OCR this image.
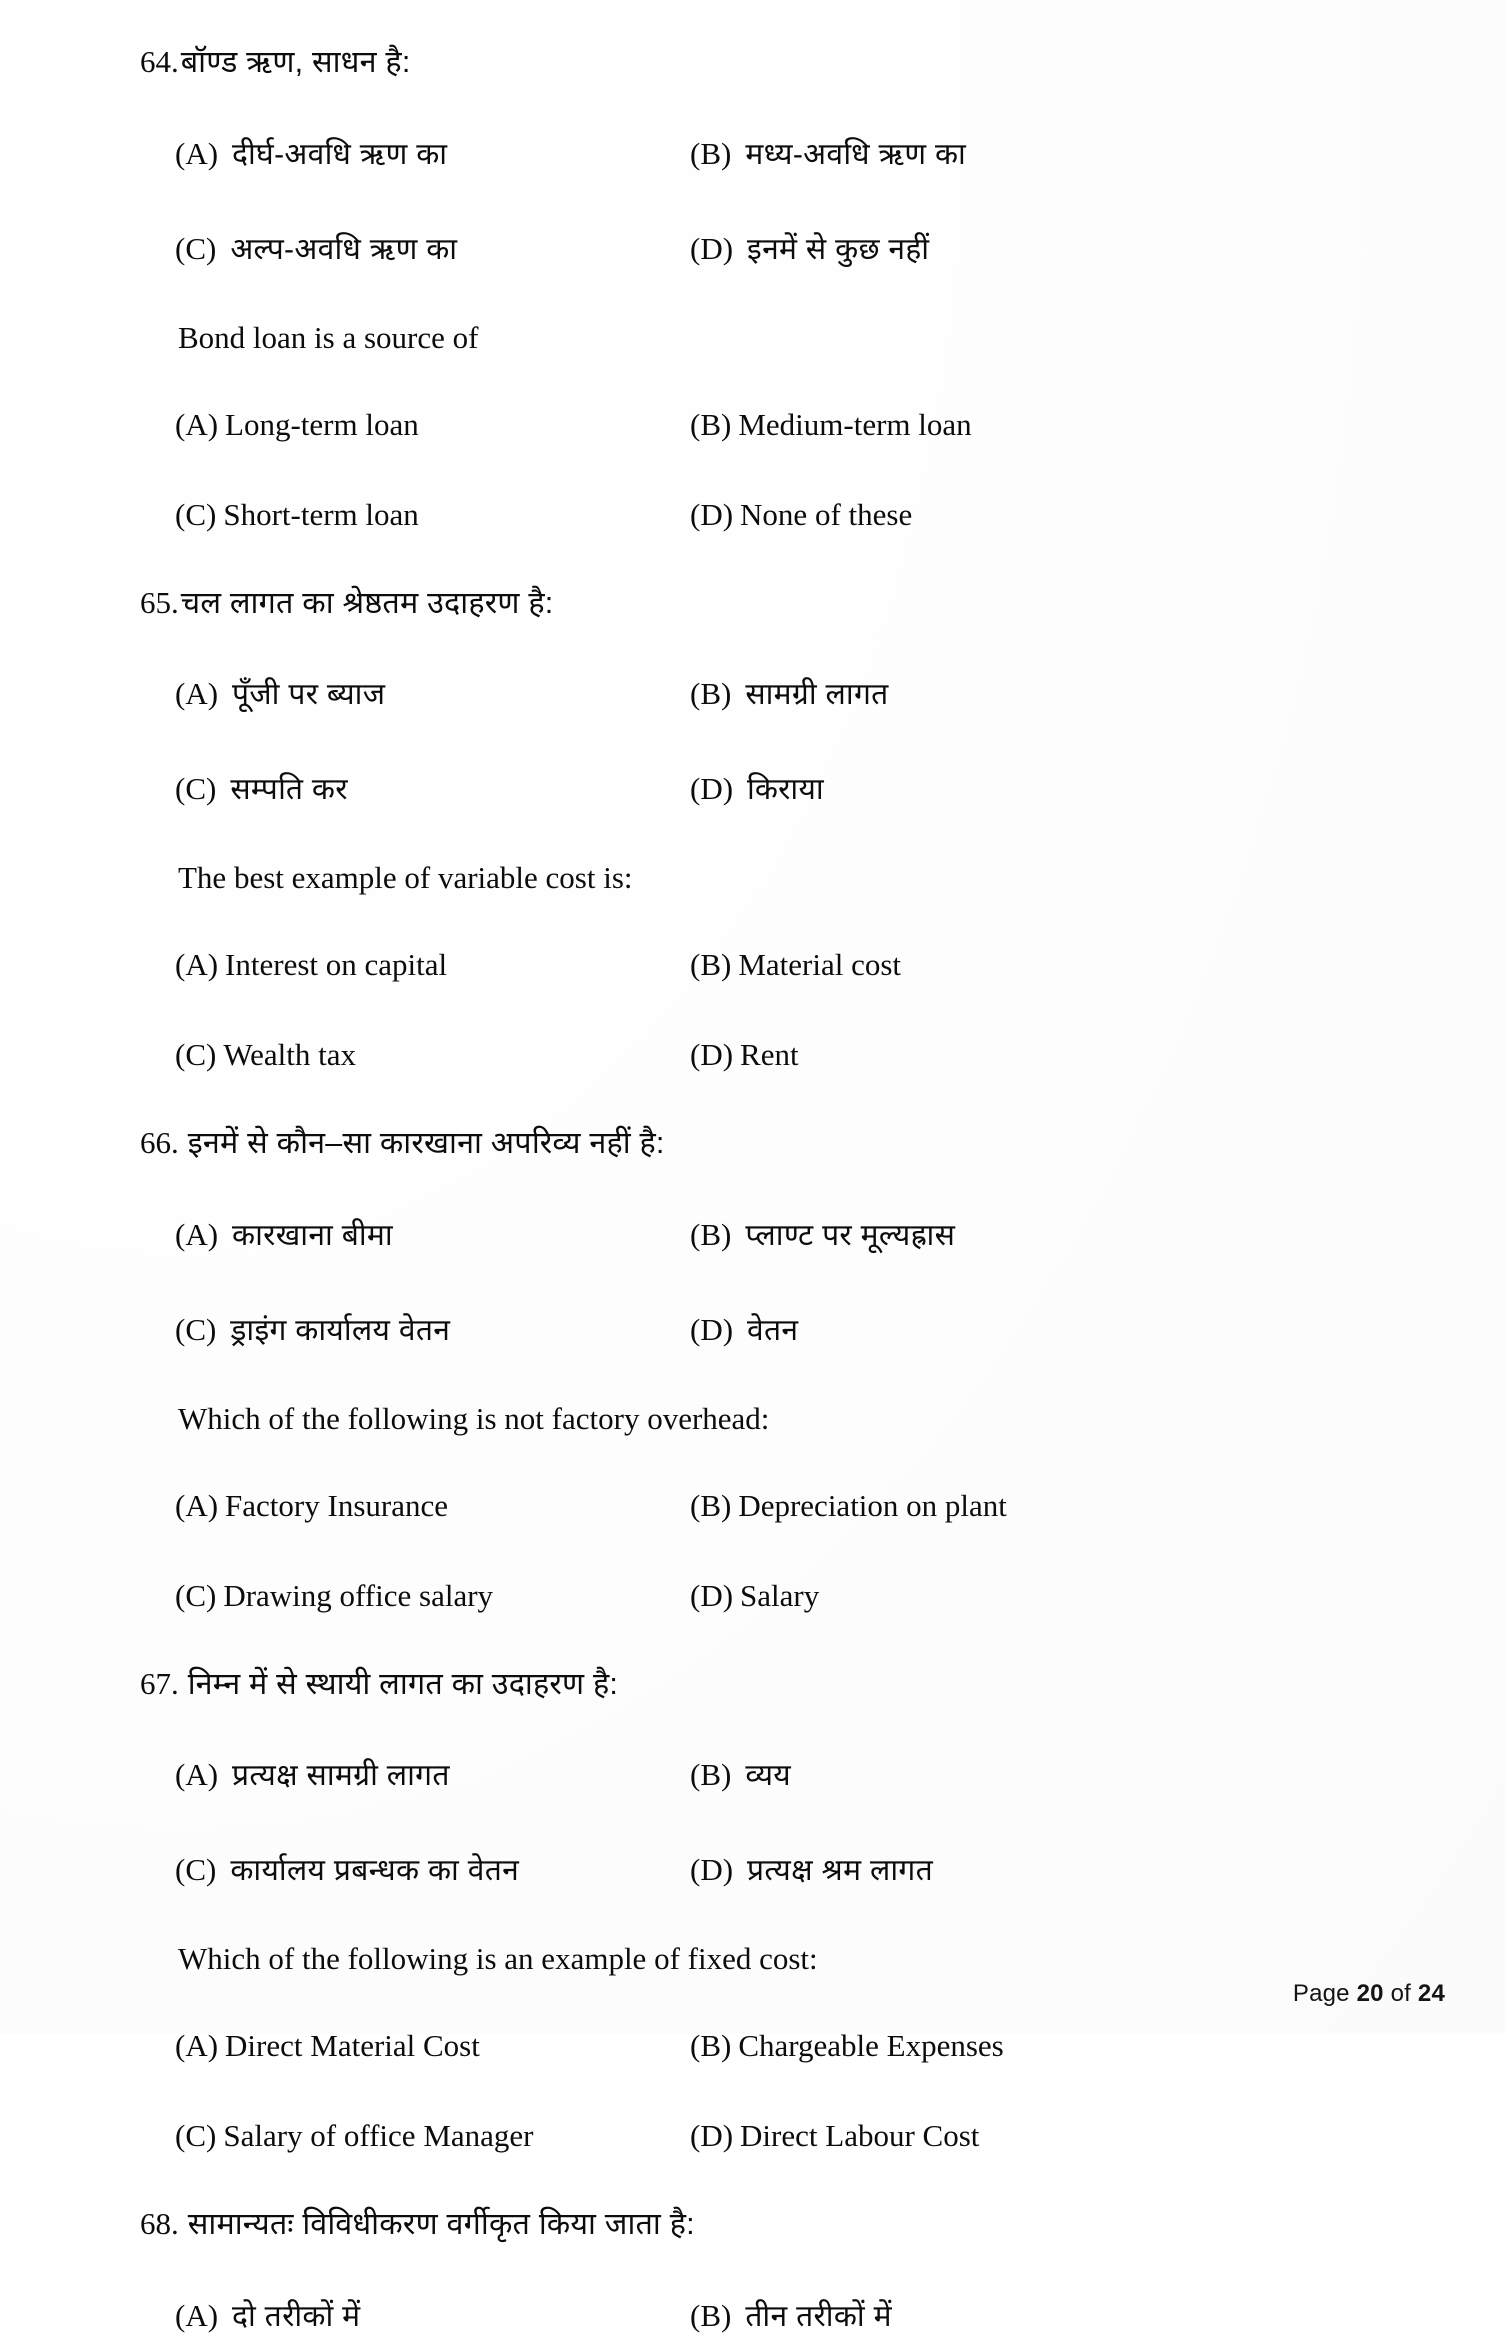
64.बॉण्ड ऋण, साधन है:
(A) दीर्घ-अवधि ऋण का	(B) मध्य-अवधि ऋण का
(C) अल्प-अवधि ऋण का	(D) इनमें से कुछ नहीं
Bond loan is a source of
(A) Long-term loan	(B) Medium-term loan
(C) Short-term loan	(D) None of these
65.चल लागत का श्रेष्ठतम उदाहरण है:
(A) पूँजी पर ब्याज	(B) सामग्री लागत
(C) सम्पति कर	(D) किराया
The best example of variable cost is:
(A) Interest on capital	(B) Material cost
(C) Wealth tax	(D) Rent
66. इनमें से कौन–सा कारखाना अपरिव्य नहीं है:
(A) कारखाना बीमा	(B) प्लाण्ट पर मूल्यह्रास
(C) ड्राइंग कार्यालय वेतन	(D) वेतन
Which of the following is not factory overhead:
(A) Factory Insurance	(B) Depreciation on plant
(C) Drawing office salary	(D) Salary
67. निम्न में से स्थायी लागत का उदाहरण है:
(A) प्रत्यक्ष सामग्री लागत	(B) व्यय
(C) कार्यालय प्रबन्धक का वेतन	(D) प्रत्यक्ष श्रम लागत
Which of the following is an example of fixed cost:
(A) Direct Material Cost	(B) Chargeable Expenses
(C) Salary of office Manager	(D) Direct Labour Cost
68. सामान्यतः विविधीकरण वर्गीकृत किया जाता है:
(A) दो तरीकों में	(B) तीन तरीकों में
Page 20 of 24
